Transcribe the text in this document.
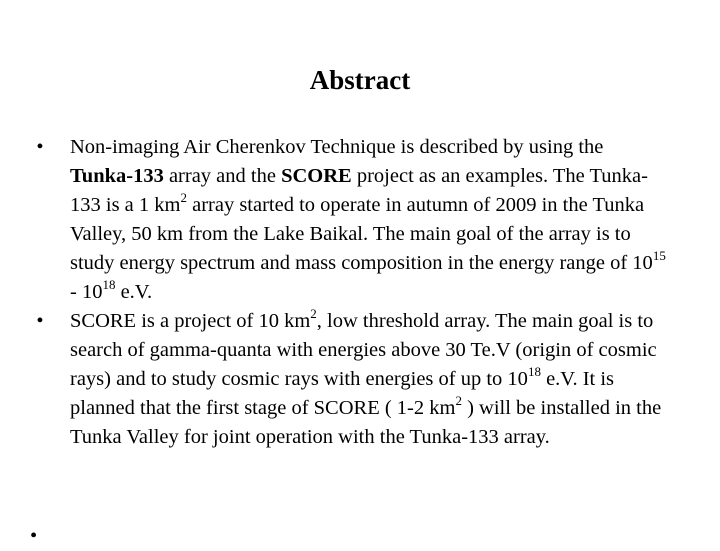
Abstract
•	Non-imaging Air Cherenkov Technique is described by using the Tunka-133 array and the SCORE project as an examples. The Tunka-133 is a 1 $km^2$ array started to operate in autumn of 2009 in the Tunka Valley, 50 km from the Lake Baikal. The main goal of the array is to study energy spectrum and mass composition in the energy range of $10^{15} - 10^{18}$ e.V.
•	SCORE is a project of 10 $km^2$, low threshold array. The main goal is to search of gamma-quanta with energies above 30 Te.V (origin of cosmic rays) and to study cosmic rays with energies of up to $10^{18}$ e.V. It is planned that the first stage of SCORE ( 1-2 $km^2$ ) will be installed in the Tunka Valley for joint operation with the Tunka-133 array.
•
